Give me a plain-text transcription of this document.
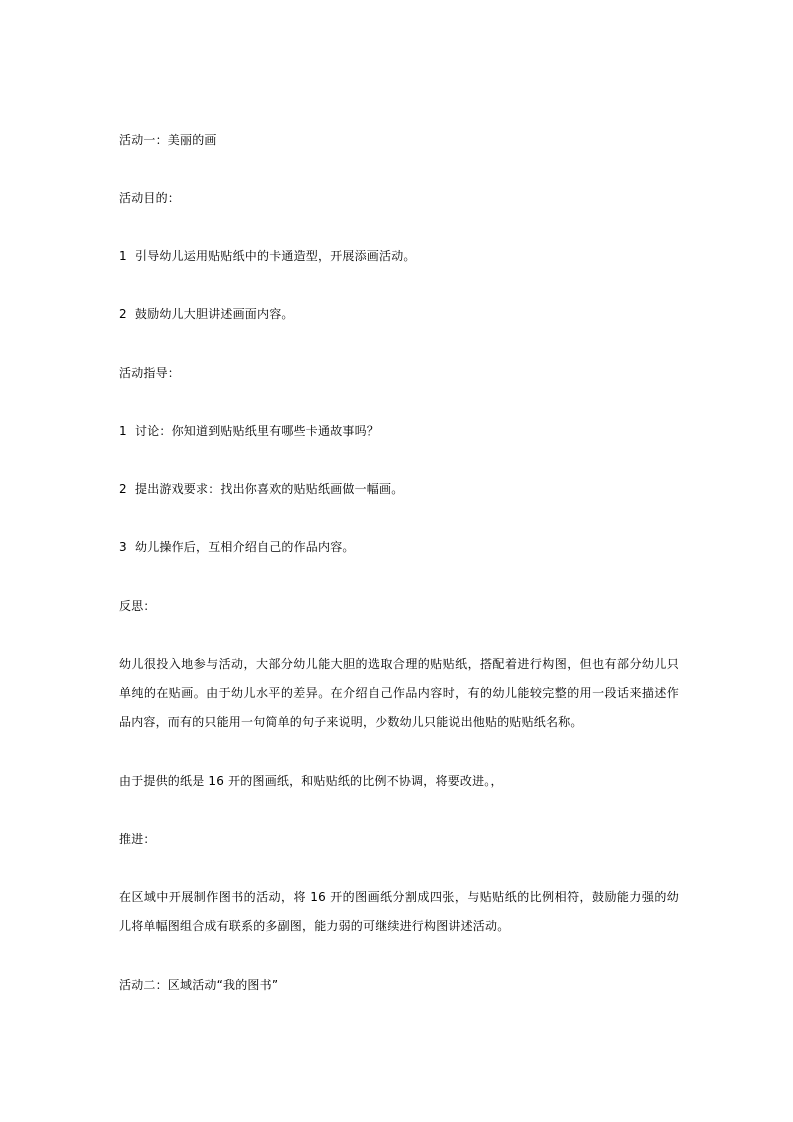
活动一：美丽的画
活动目的：
1 引导幼儿运用贴贴纸中的卡通造型，开展添画活动。
2 鼓励幼儿大胆讲述画面内容。
活动指导：
1 讨论：你知道到贴贴纸里有哪些卡通故事吗？
2 提出游戏要求：找出你喜欢的贴贴纸画做一幅画。
3 幼儿操作后，互相介绍自己的作品内容。
反思：
幼儿很投入地参与活动，大部分幼儿能大胆的选取合理的贴贴纸，搭配着进行构图，但也有部分幼儿只单纯的在贴画。由于幼儿水平的差异。在介绍自己作品内容时，有的幼儿能较完整的用一段话来描述作品内容，而有的只能用一句简单的句子来说明，少数幼儿只能说出他贴的贴贴纸名称。
由于提供的纸是 16 开的图画纸，和贴贴纸的比例不协调，将要改进。，
推进：
在区域中开展制作图书的活动，将 16 开的图画纸分割成四张，与贴贴纸的比例相符，鼓励能力强的幼儿将单幅图组合成有联系的多副图，能力弱的可继续进行构图讲述活动。
活动二：区域活动“我的图书”
